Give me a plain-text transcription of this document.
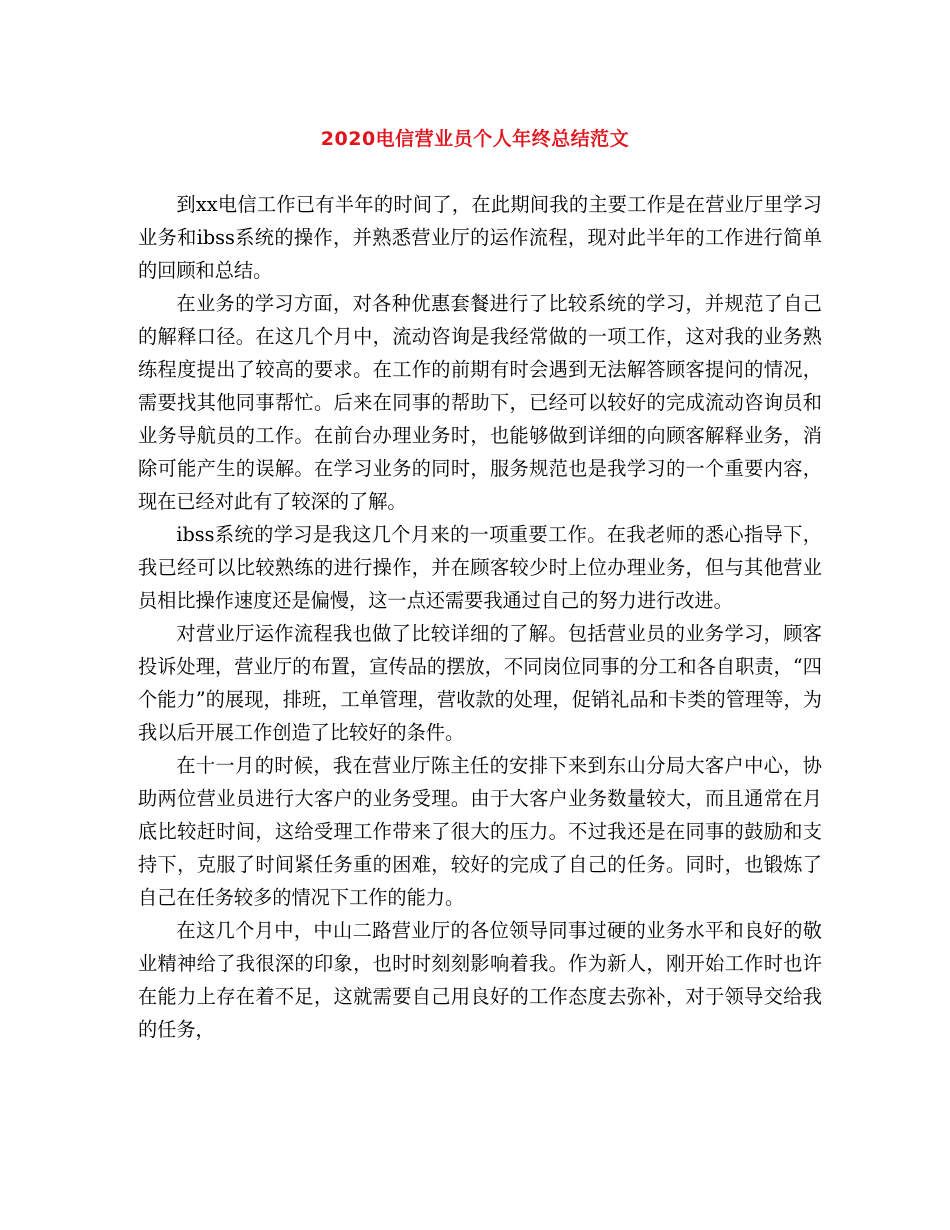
2020电信营业员个人年终总结范文

到xx电信工作已有半年的时间了，在此期间我的主要工作是在营业厅里学习业务和ibss系统的操作，并熟悉营业厅的运作流程，现对此半年的工作进行简单的回顾和总结。

在业务的学习方面，对各种优惠套餐进行了比较系统的学习，并规范了自己的解释口径。在这几个月中，流动咨询是我经常做的一项工作，这对我的业务熟练程度提出了较高的要求。在工作的前期有时会遇到无法解答顾客提问的情况，需要找其他同事帮忙。后来在同事的帮助下，已经可以较好的完成流动咨询员和业务导航员的工作。在前台办理业务时，也能够做到详细的向顾客解释业务，消除可能产生的误解。在学习业务的同时，服务规范也是我学习的一个重要内容，现在已经对此有了较深的了解。

ibss系统的学习是我这几个月来的一项重要工作。在我老师的悉心指导下，我已经可以比较熟练的进行操作，并在顾客较少时上位办理业务，但与其他营业员相比操作速度还是偏慢，这一点还需要我通过自己的努力进行改进。

对营业厅运作流程我也做了比较详细的了解。包括营业员的业务学习，顾客投诉处理，营业厅的布置，宣传品的摆放，不同岗位同事的分工和各自职责，“四个能力”的展现，排班，工单管理，营收款的处理，促销礼品和卡类的管理等，为我以后开展工作创造了比较好的条件。

在十一月的时候，我在营业厅陈主任的安排下来到东山分局大客户中心，协助两位营业员进行大客户的业务受理。由于大客户业务数量较大，而且通常在月底比较赶时间，这给受理工作带来了很大的压力。不过我还是在同事的鼓励和支持下，克服了时间紧任务重的困难，较好的完成了自己的任务。同时，也锻炼了自己在任务较多的情况下工作的能力。

在这几个月中，中山二路营业厅的各位领导同事过硬的业务水平和良好的敬业精神给了我很深的印象，也时时刻刻影响着我。作为新人，刚开始工作时也许在能力上存在着不足，这就需要自己用良好的工作态度去弥补，对于领导交给我的任务，
